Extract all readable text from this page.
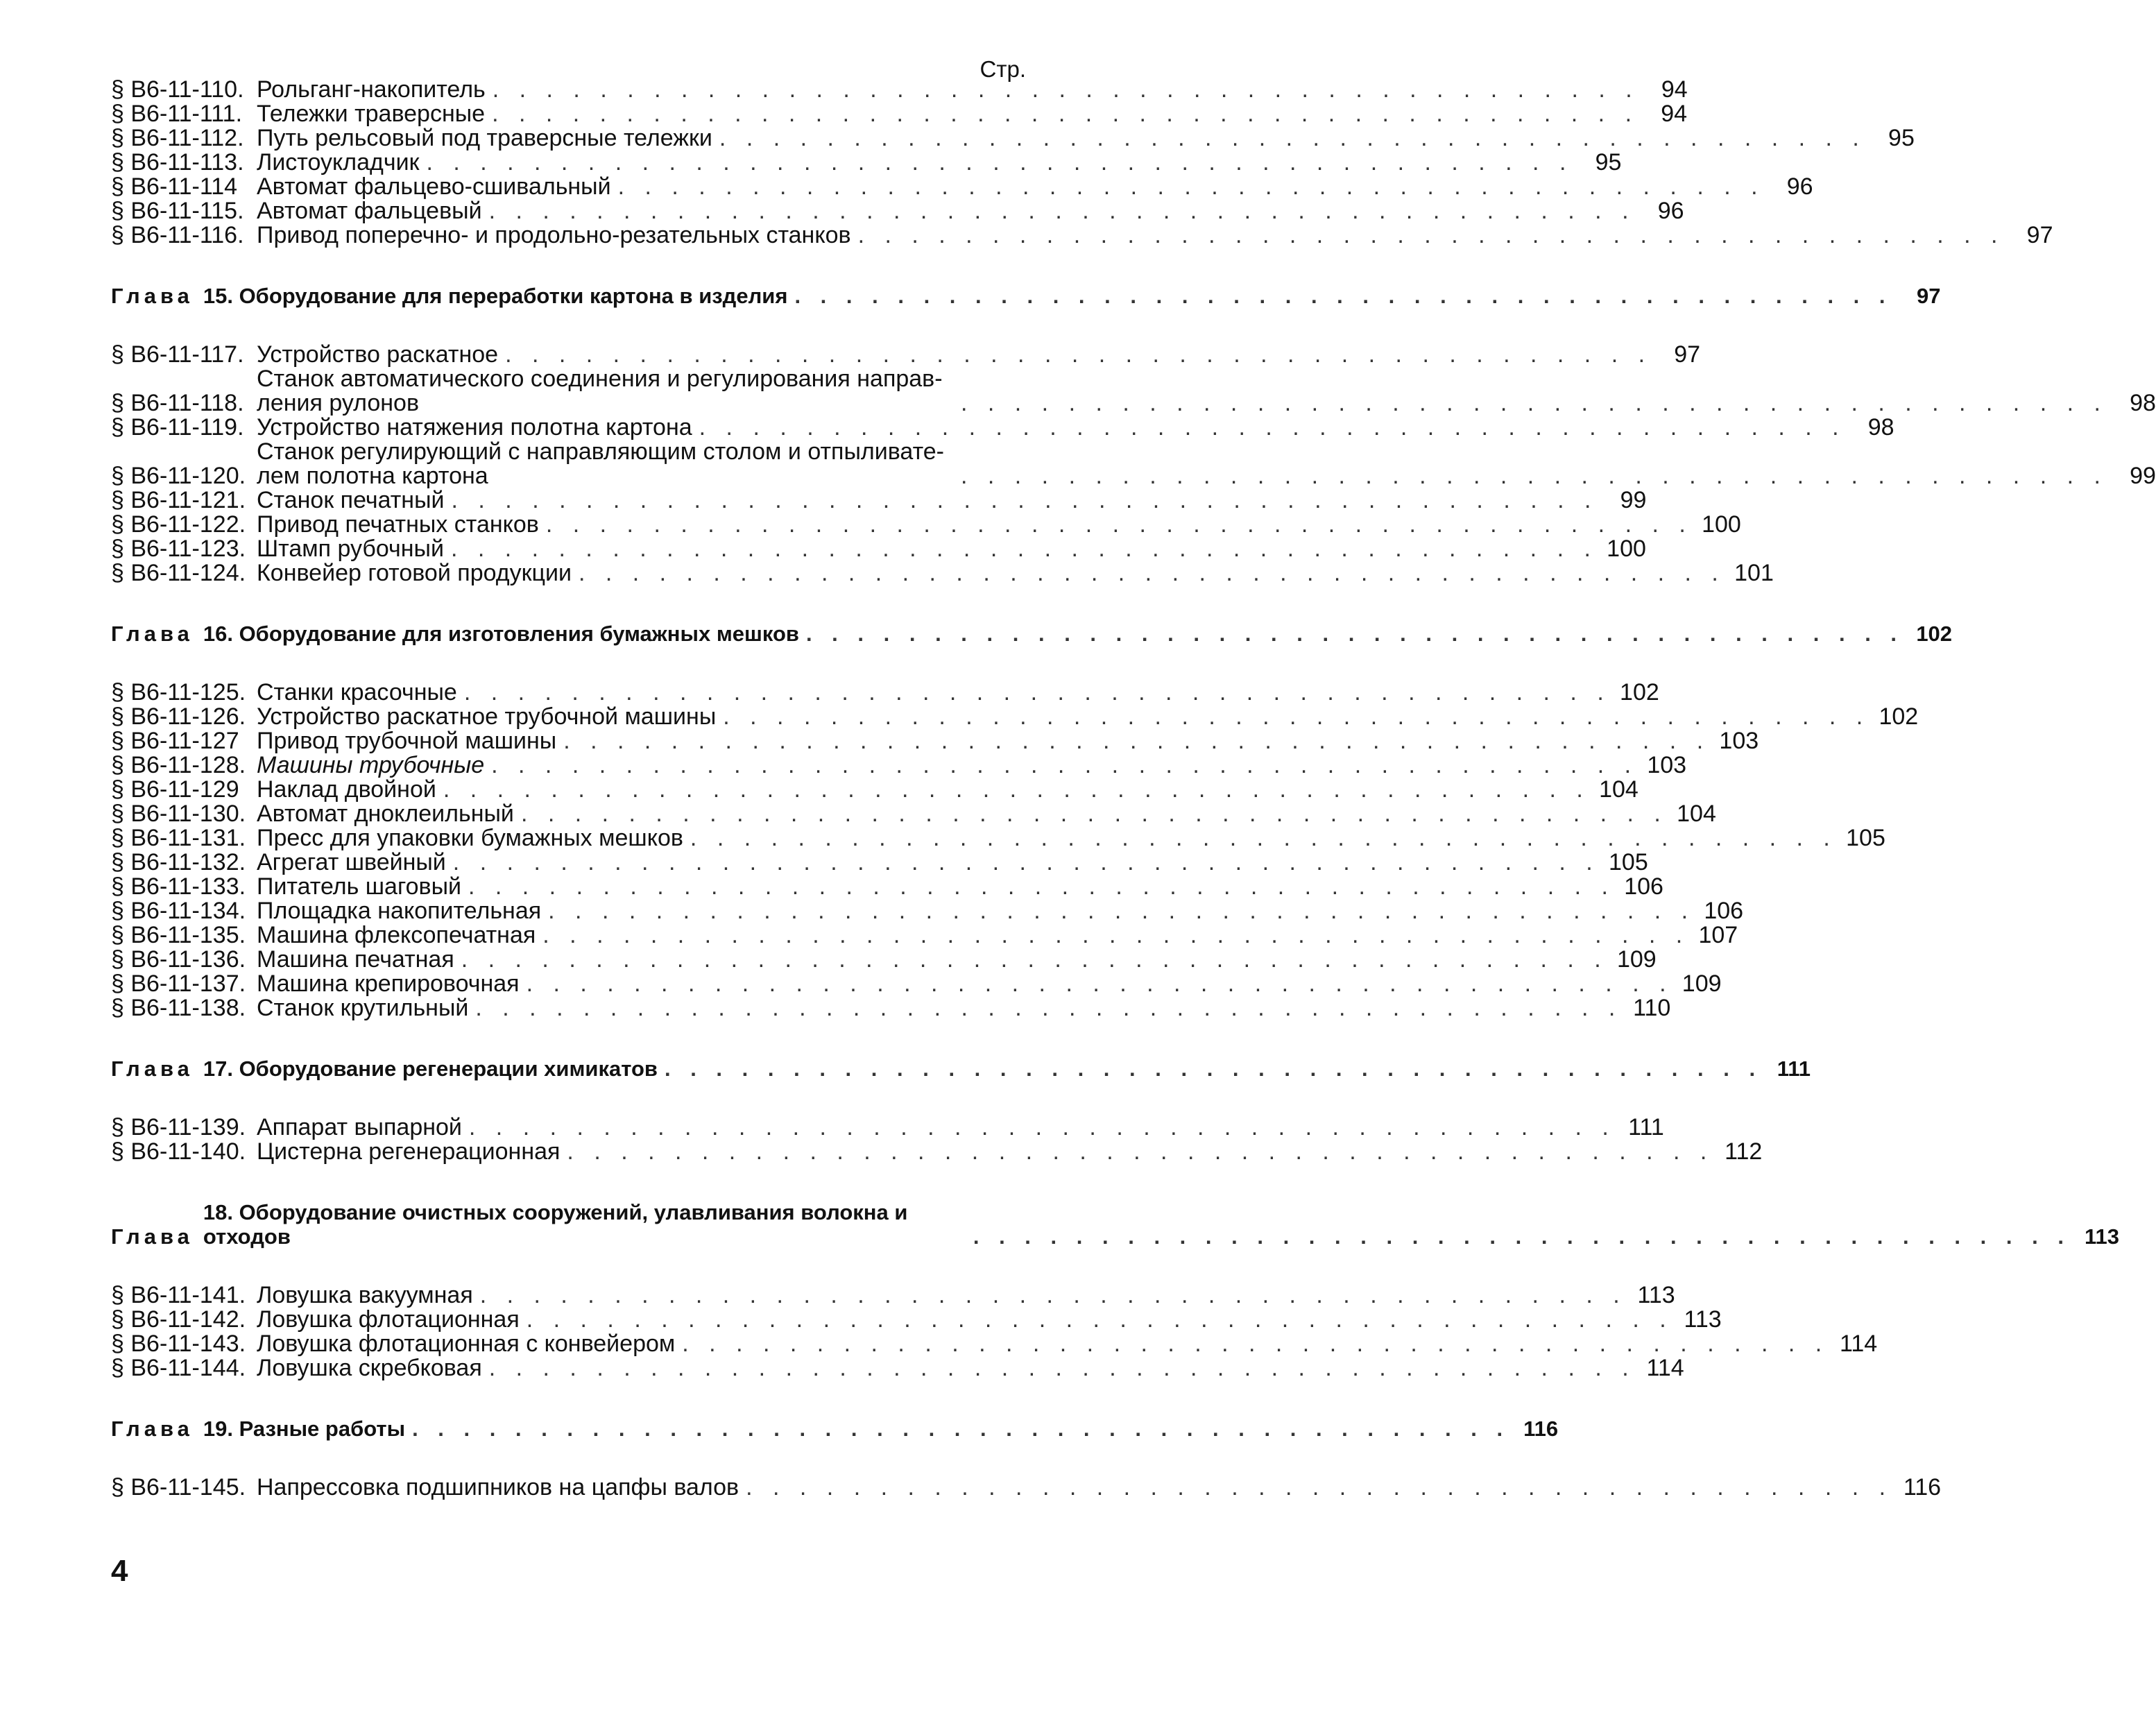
Стр.
§ В6-11-110. Рольганг-накопитель . . . . . . . . . . . . . . . . . . . . . . . . . . . . . . . . . . . . . . . . . . . 94
§ В6-11-111. Тележки траверсные . . . . . . . . . . . . . . . . . . . . . . . . . . . . . . . . . . . . . . . . . . . 94
§ В6-11-112. Путь рельсовый под траверсные тележки . . . . . . . . . . . . . . . . . . . . . . . . . . . . . . . . . . . . . . . . . . . 95
§ В6-11-113. Листоукладчик . . . . . . . . . . . . . . . . . . . . . . . . . . . . . . . . . . . . . . . . . . . 95
§ В6-11-114 Автомат фальцево-сшивальный . . . . . . . . . . . . . . . . . . . . . . . . . . . . . . . . . . . . . . . . . . . 96
§ В6-11-115. Автомат фальцевый . . . . . . . . . . . . . . . . . . . . . . . . . . . . . . . . . . . . . . . . . . . 96
§ В6-11-116. Привод поперечно- и продольно-резательных станков . . . . . . . . . . . . . . . . . . . . . . . . . . . . . . . . . . . . . . . . . . . 97
Глава 15. Оборудование для переработки картона в изделия . . . . . . . . . . . . . . . . . . . . . . . . . . . . . . . . . . . . . . . . . . .	97
§ В6-11-117. Устройство раскатное . . . . . . . . . . . . . . . . . . . . . . . . . . . . . . . . . . . . . . . . . . . 97
§ В6-11-118.
Станок автоматического соединения и регулирования направ-ления рулонов	. . . . . . . . . . . . . . . . . . . . . . . . . . . . . . . . . . . . . . . . . . . 98
§ В6-11-119. Устройство натяжения полотна картона . . . . . . . . . . . . . . . . . . . . . . . . . . . . . . . . . . . . . . . . . . . 98
§ В6-11-120.
Станок регулирующий с направляющим столом и отпыливате-лем полотна картона	. . . . . . . . . . . . . . . . . . . . . . . . . . . . . . . . . . . . . . . . . . . 99
§ В6-11-121. Станок печатный . . . . . . . . . . . . . . . . . . . . . . . . . . . . . . . . . . . . . . . . . . . 99
§ В6-11-122. Привод печатных станков . . . . . . . . . . . . . . . . . . . . . . . . . . . . . . . . . . . . . . . . . . . 100
§ В6-11-123. Штамп рубочный . . . . . . . . . . . . . . . . . . . . . . . . . . . . . . . . . . . . . . . . . . . 100
§ В6-11-124. Конвейер готовой продукции . . . . . . . . . . . . . . . . . . . . . . . . . . . . . . . . . . . . . . . . . . . 101
Глава 16. Оборудование для изготовления бумажных мешков . . . . . . . . . . . . . . . . . . . . . . . . . . . . . . . . . . . . . . . . . . . 102
§ В6-11-125. Станки красочные . . . . . . . . . . . . . . . . . . . . . . . . . . . . . . . . . . . . . . . . . . . 102
§ В6-11-126. Устройство раскатное трубочной машины . . . . . . . . . . . . . . . . . . . . . . . . . . . . . . . . . . . . . . . . . . . 102
§ В6-11-127 Привод трубочной машины . . . . . . . . . . . . . . . . . . . . . . . . . . . . . . . . . . . . . . . . . . . 103
§ В6-11-128. Машины трубочные . . . . . . . . . . . . . . . . . . . . . . . . . . . . . . . . . . . . . . . . . . . 103
§ В6-11-129 Наклад двойной . . . . . . . . . . . . . . . . . . . . . . . . . . . . . . . . . . . . . . . . . . . 104
§ В6-11-130. Автомат дноклеильный . . . . . . . . . . . . . . . . . . . . . . . . . . . . . . . . . . . . . . . . . . . 104
§ В6-11-131. Пресс для упаковки бумажных мешков . . . . . . . . . . . . . . . . . . . . . . . . . . . . . . . . . . . . . . . . . . . 105
§ В6-11-132. Агрегат швейный . . . . . . . . . . . . . . . . . . . . . . . . . . . . . . . . . . . . . . . . . . . 105
§ В6-11-133. Питатель шаговый . . . . . . . . . . . . . . . . . . . . . . . . . . . . . . . . . . . . . . . . . . . 106
§ В6-11-134. Площадка накопительная . . . . . . . . . . . . . . . . . . . . . . . . . . . . . . . . . . . . . . . . . . . 106
§ В6-11-135. Машина флексопечатная . . . . . . . . . . . . . . . . . . . . . . . . . . . . . . . . . . . . . . . . . . . 107
§ В6-11-136. Машина печатная . . . . . . . . . . . . . . . . . . . . . . . . . . . . . . . . . . . . . . . . . . . 109
§ В6-11-137. Машина крепировочная . . . . . . . . . . . . . . . . . . . . . . . . . . . . . . . . . . . . . . . . . . . 109
§ В6-11-138. Станок крутильный . . . . . . . . . . . . . . . . . . . . . . . . . . . . . . . . . . . . . . . . . . . 110
Глава 17. Оборудование регенерации химикатов . . . . . . . . . . . . . . . . . . . . . . . . . . . . . . . . . . . . . . . . . . . 111
§ В6-11-139. Аппарат выпарной . . . . . . . . . . . . . . . . . . . . . . . . . . . . . . . . . . . . . . . . . . . 111
§ В6-11-140. Цистерна регенерационная . . . . . . . . . . . . . . . . . . . . . . . . . . . . . . . . . . . . . . . . . . . 112
Глава
18. Оборудование очистных сооружений, улавливания волокна и отходов	. . . . . . . . . . . . . . . . . . . . . . . . . . . . . . . . . . . . . . . . . . . 113
§ В6-11-141. Ловушка вакуумная . . . . . . . . . . . . . . . . . . . . . . . . . . . . . . . . . . . . . . . . . . . 113
§ В6-11-142. Ловушка флотационная . . . . . . . . . . . . . . . . . . . . . . . . . . . . . . . . . . . . . . . . . . . 113
§ В6-11-143. Ловушка флотационная с конвейером . . . . . . . . . . . . . . . . . . . . . . . . . . . . . . . . . . . . . . . . . . . 114
§ В6-11-144. Ловушка скребковая . . . . . . . . . . . . . . . . . . . . . . . . . . . . . . . . . . . . . . . . . . . 114
Глава 19. Разные работы . . . . . . . . . . . . . . . . . . . . . . . . . . . . . . . . . . . . . . . . . . . 116
§ В6-11-145. Напрессовка подшипников на цапфы валов . . . . . . . . . . . . . . . . . . . . . . . . . . . . . . . . . . . . . . . . . . . 116
4
